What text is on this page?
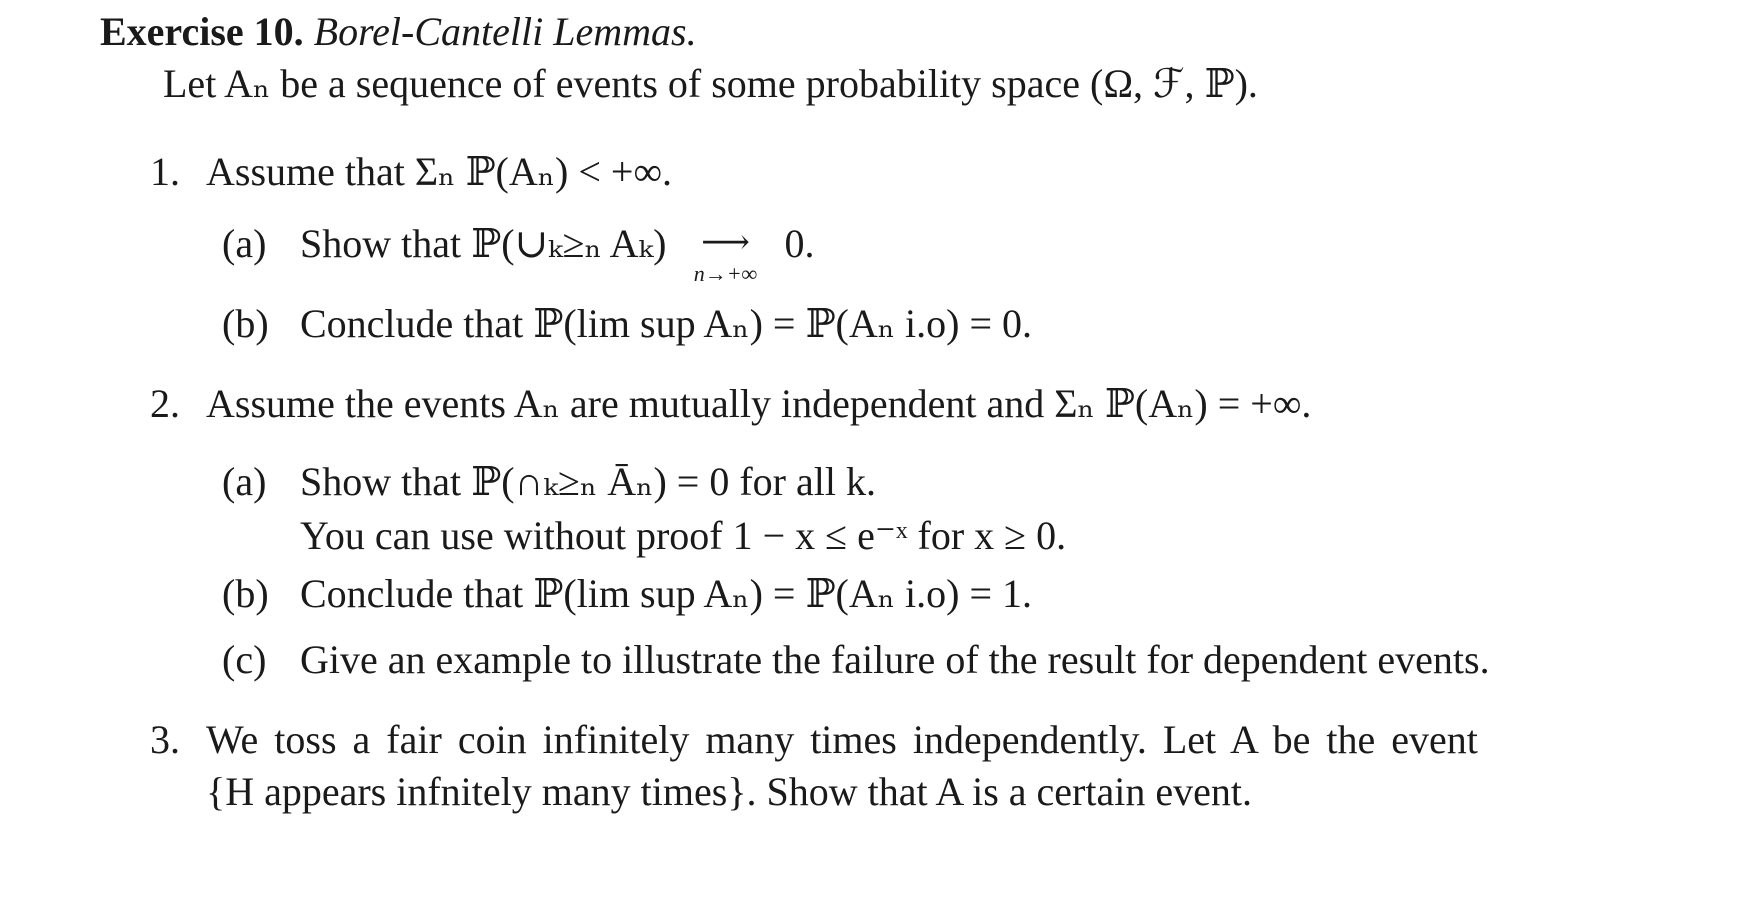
Exercise 10. Borel-Cantelli Lemmas.
Let Aₙ be a sequence of events of some probability space (Ω, ℱ, ℙ).
1. Assume that Σₙ ℙ(Aₙ) < +∞.
(a) Show that ℙ(∪ₖ≥ₙ Aₖ)	⟶
n→+∞
0.
(b) Conclude that ℙ(lim sup Aₙ) = ℙ(Aₙ i.o) = 0.
2. Assume the events Aₙ are mutually independent and Σₙ ℙ(Aₙ) = +∞.
(a) Show that ℙ(∩ₖ≥ₙ Āₙ) = 0 for all k.
You can use without proof 1 − x ≤ e⁻ˣ for x ≥ 0.
(b) Conclude that ℙ(lim sup Aₙ) = ℙ(Aₙ i.o) = 1.
(c) Give an example to illustrate the failure of the result for dependent events.
3. We toss a fair coin infinitely many times independently. Let A be the event
{H appears infnitely many times}. Show that A is a certain event.
